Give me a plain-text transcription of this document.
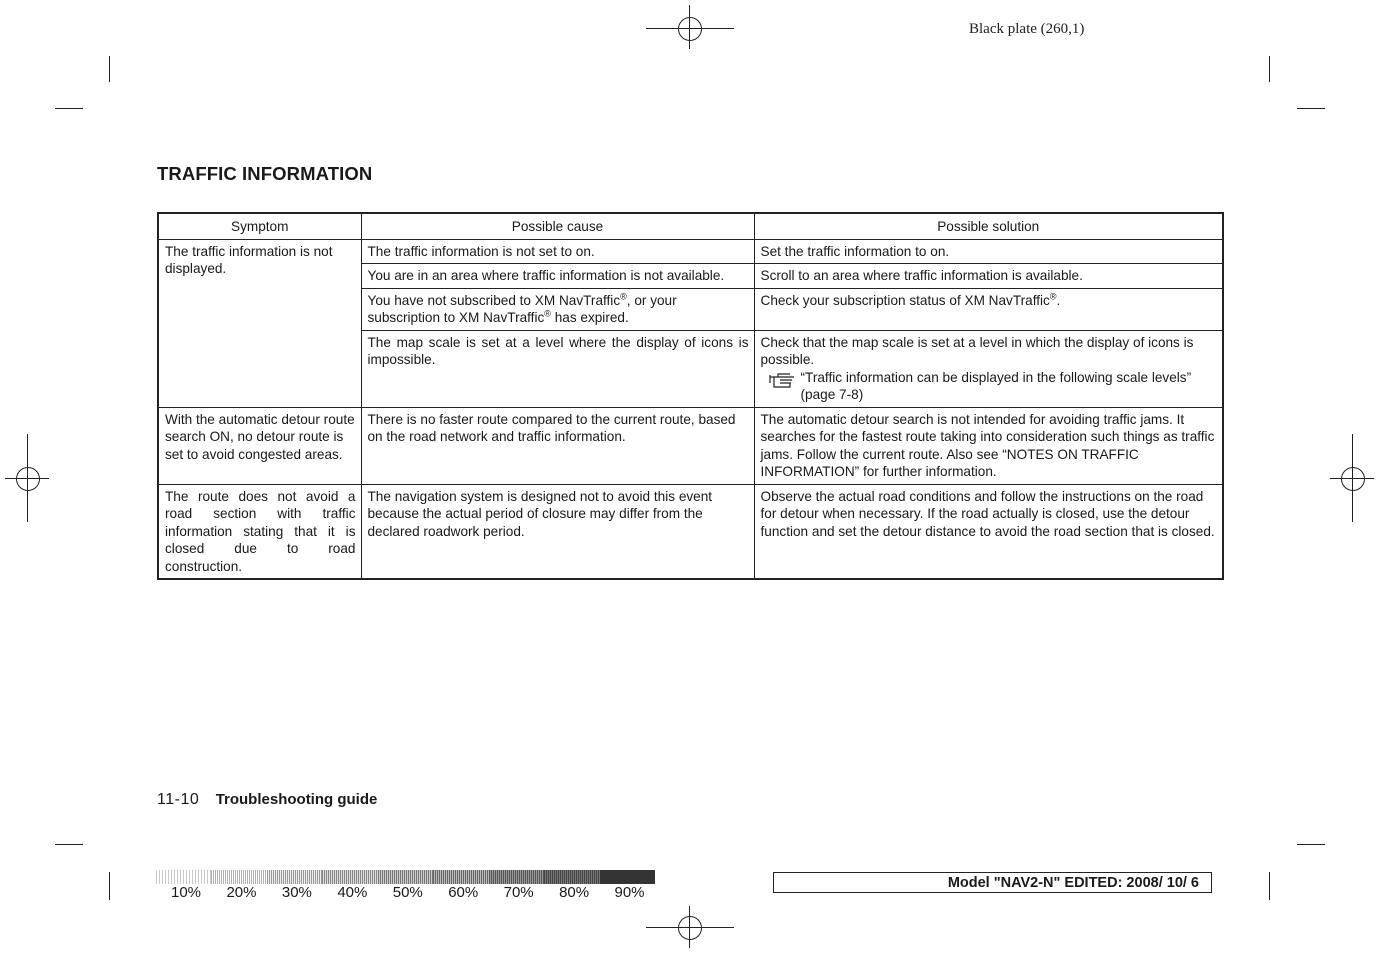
Black plate (260,1)
TRAFFIC INFORMATION
Symptom	Possible cause	Possible solution
The traffic information is not displayed.	The traffic information is not set to on.	Set the traffic information to on.
	You are in an area where traffic information is not available.	Scroll to an area where traffic information is available.
	You have not subscribed to XM NavTraffic®, or your subscription to XM NavTraffic® has expired.	Check your subscription status of XM NavTraffic®.
	The map scale is set at a level where the display of icons is impossible.	Check that the map scale is set at a level in which the display of icons is possible.
“Traffic information can be displayed in the following scale levels” (page 7-8)

With the automatic detour route search ON, no detour route is set to avoid congested areas.	There is no faster route compared to the current route, based on the road network and traffic information.	The automatic detour search is not intended for avoiding traffic jams. It searches for the fastest route taking into consideration such things as traffic jams. Follow the current route. Also see “NOTES ON TRAFFIC INFORMATION” for further information.
The route does not avoid a road section with traffic information stating that it is closed due to road construction.	The navigation system is designed not to avoid this event because the actual period of closure may differ from the declared roadwork period.	Observe the actual road conditions and follow the instructions on the road for detour when necessary. If the road actually is closed, use the detour function and set the detour distance to avoid the road section that is closed.
11-10 Troubleshooting guide
10%	20%	30%	40%	50%	60%	70%	80%	90%
Model "NAV2-N" EDITED: 2008/ 10/ 6
